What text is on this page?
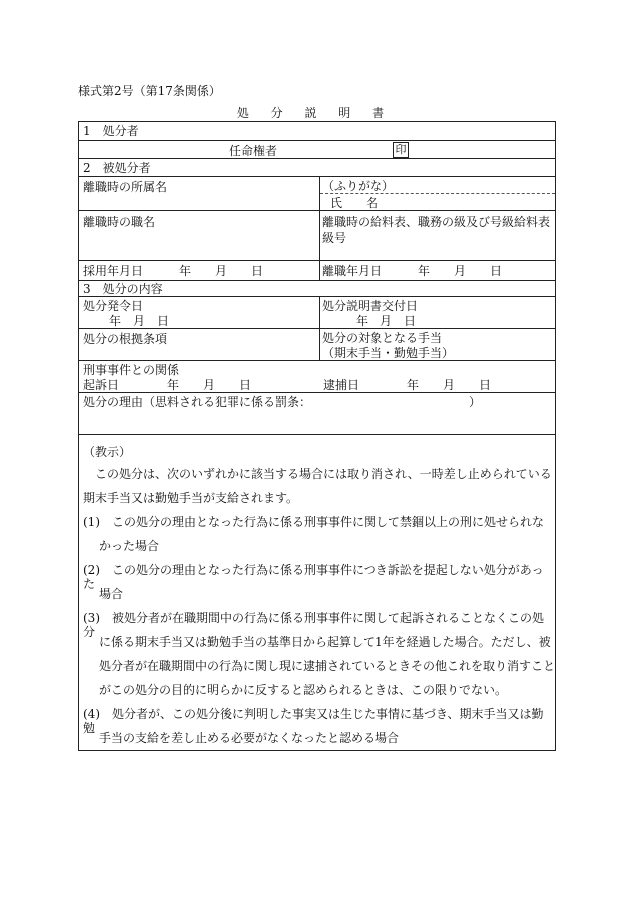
様式第2号（第17条関係）
処 分 説 明 書
1　処分者
任命権者	印
2　被処分者
離職時の所属名	（ふりがな）
氏　　名
離職時の職名	離職時の給料表、職務の級及び号級給料表
級号
採用年月日　　　年　　月　　日	離職年月日　　　年　　月　　日
3　処分の内容
処分発令日
年　月　日
処分説明書交付日
年　月　日
処分の根拠条項	処分の対象となる手当
（期末手当・勤勉手当）
刑事事件との関係
起訴日　　　　年　　月　　日	逮捕日　　　　年　　月　　日
処分の理由（思料される犯罪に係る罰条：	）

（教示）

　この処分は、次のいずれかに該当する場合には取り消され、一時差し止められている

期末手当又は勤勉手当が支給されます。

(1)　この処分の理由となった行為に係る刑事事件に関して禁錮以上の刑に処せられな

かった場合

(2)　この処分の理由となった行為に係る刑事事件につき訴訟を提起しない処分があった

場合

(3)　被処分者が在職期間中の行為に係る刑事事件に関して起訴されることなくこの処分

に係る期末手当又は勤勉手当の基準日から起算して1年を経過した場合。ただし、被

処分者が在職期間中の行為に関し現に逮捕されているときその他これを取り消すこと

がこの処分の目的に明らかに反すると認められるときは、この限りでない。

(4)　処分者が、この処分後に判明した事実又は生じた事情に基づき、期末手当又は勤勉

手当の支給を差し止める必要がなくなったと認める場合
